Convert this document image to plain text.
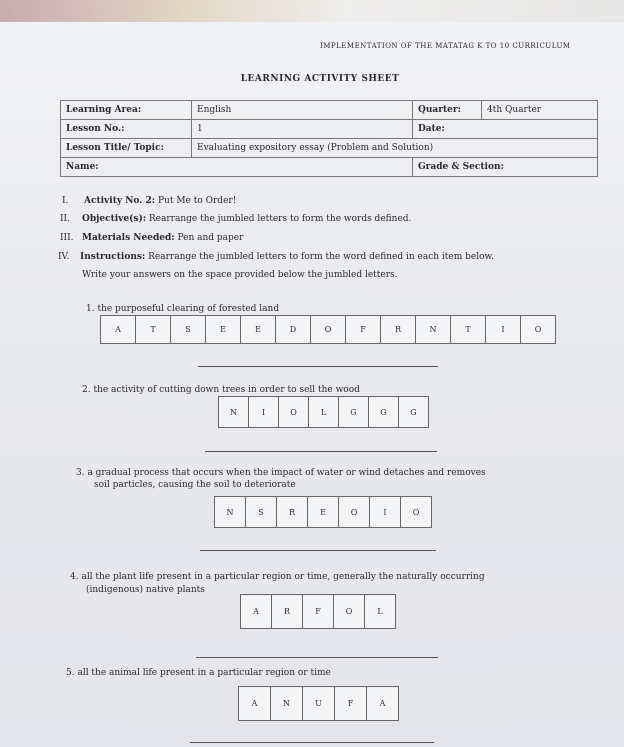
IMPLEMENTATION OF THE MATATAG K TO 10 CURRICULUM
LEARNING ACTIVITY SHEET
Learning Area:	English	Quarter:	4th Quarter
Lesson No.:	1	Date:	
Lesson Title/ Topic:	Evaluating expository essay (Problem and Solution)		
Name:		Grade & Section:	
I. Activity No. 2: Put Me to Order!
II. Objective(s): Rearrange the jumbled letters to form the words defined.
III. Materials Needed: Pen and paper
IV. Instructions: Rearrange the jumbled letters to form the word defined in each item below.
Write your answers on the space provided below the jumbled letters.
1. the purposeful clearing of forested land
A	T	S	E	E	D	O	F	R	N	T	I	O
2. the activity of cutting down trees in order to sell the wood
N	I	O	L	G	G	G
3. a gradual process that occurs when the impact of water or wind detaches and removes
soil particles, causing the soil to deteriorate
N	S	R	E	O	I	O
4. all the plant life present in a particular region or time, generally the naturally occurring
(indigenous) native plants
A	R	F	O	L
5. all the animal life present in a particular region or time
A	N	U	F	A
